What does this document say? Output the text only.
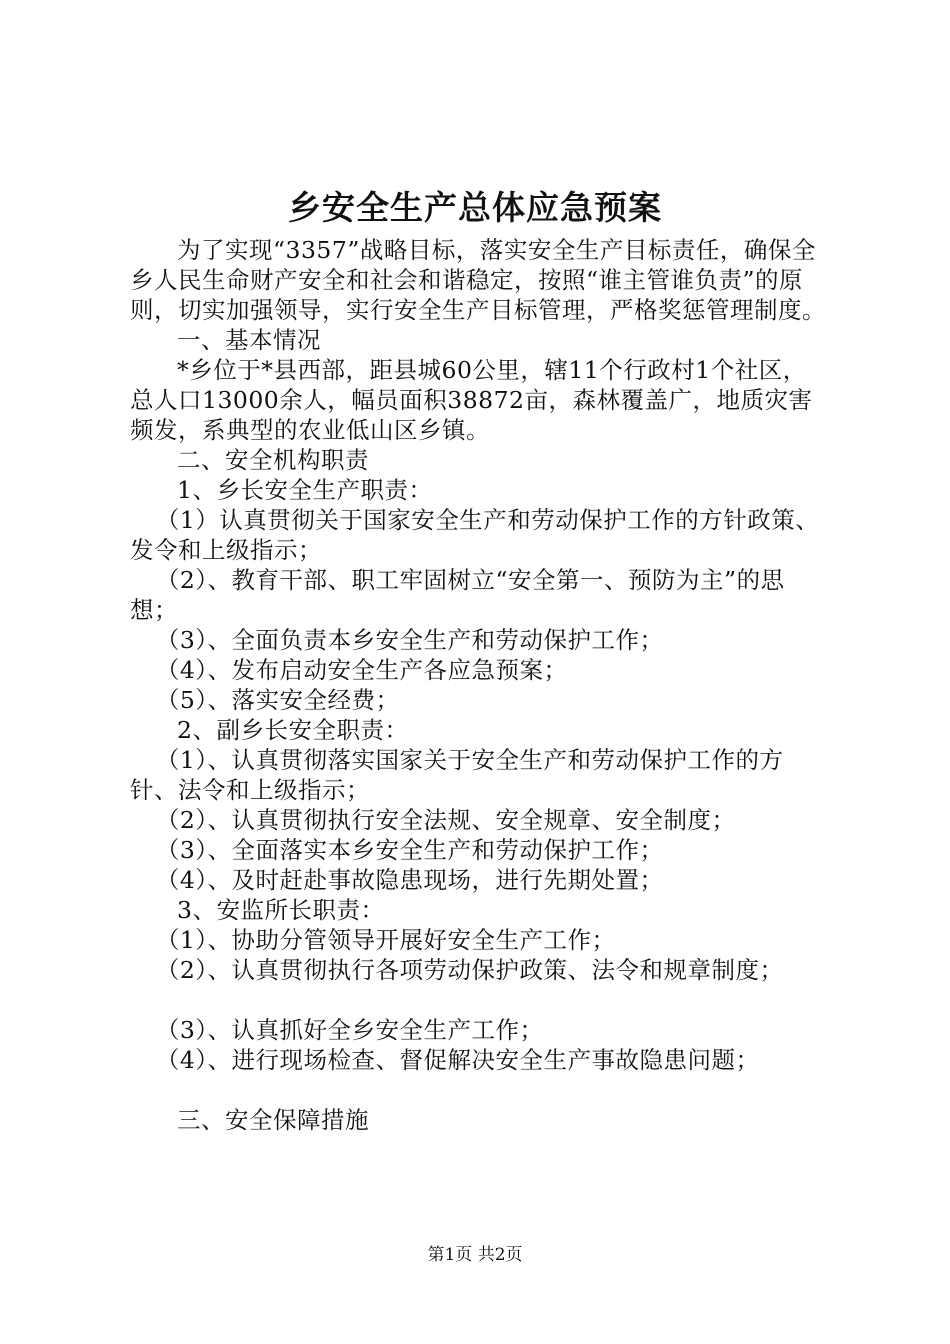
乡安全生产总体应急预案

为了实现“3357”战略目标，落实安全生产目标责任，确保全乡人民生命财产安全和社会和谐稳定，按照“谁主管谁负责”的原则，切实加强领导，实行安全生产目标管理，严格奖惩管理制度。

一、基本情况

*乡位于*县西部，距县城60公里，辖11个行政村1个社区，总人口13000余人，幅员面积38872亩，森林覆盖广，地质灾害频发，系典型的农业低山区乡镇。

二、安全机构职责

1、乡长安全生产职责：

（1）认真贯彻关于国家安全生产和劳动保护工作的方针政策、发令和上级指示；

（2）、教育干部、职工牢固树立“安全第一、预防为主”的思想；

（3）、全面负责本乡安全生产和劳动保护工作；

（4）、发布启动安全生产各应急预案；

（5）、落实安全经费；

2、副乡长安全职责：

（1）、认真贯彻落实国家关于安全生产和劳动保护工作的方针、法令和上级指示；

（2）、认真贯彻执行安全法规、安全规章、安全制度；

（3）、全面落实本乡安全生产和劳动保护工作；

（4）、及时赶赴事故隐患现场，进行先期处置；

3、安监所长职责：

（1）、协助分管领导开展好安全生产工作；

（2）、认真贯彻执行各项劳动保护政策、法令和规章制度；

（3）、认真抓好全乡安全生产工作；

（4）、进行现场检查、督促解决安全生产事故隐患问题；

三、安全保障措施

第1页 共2页
